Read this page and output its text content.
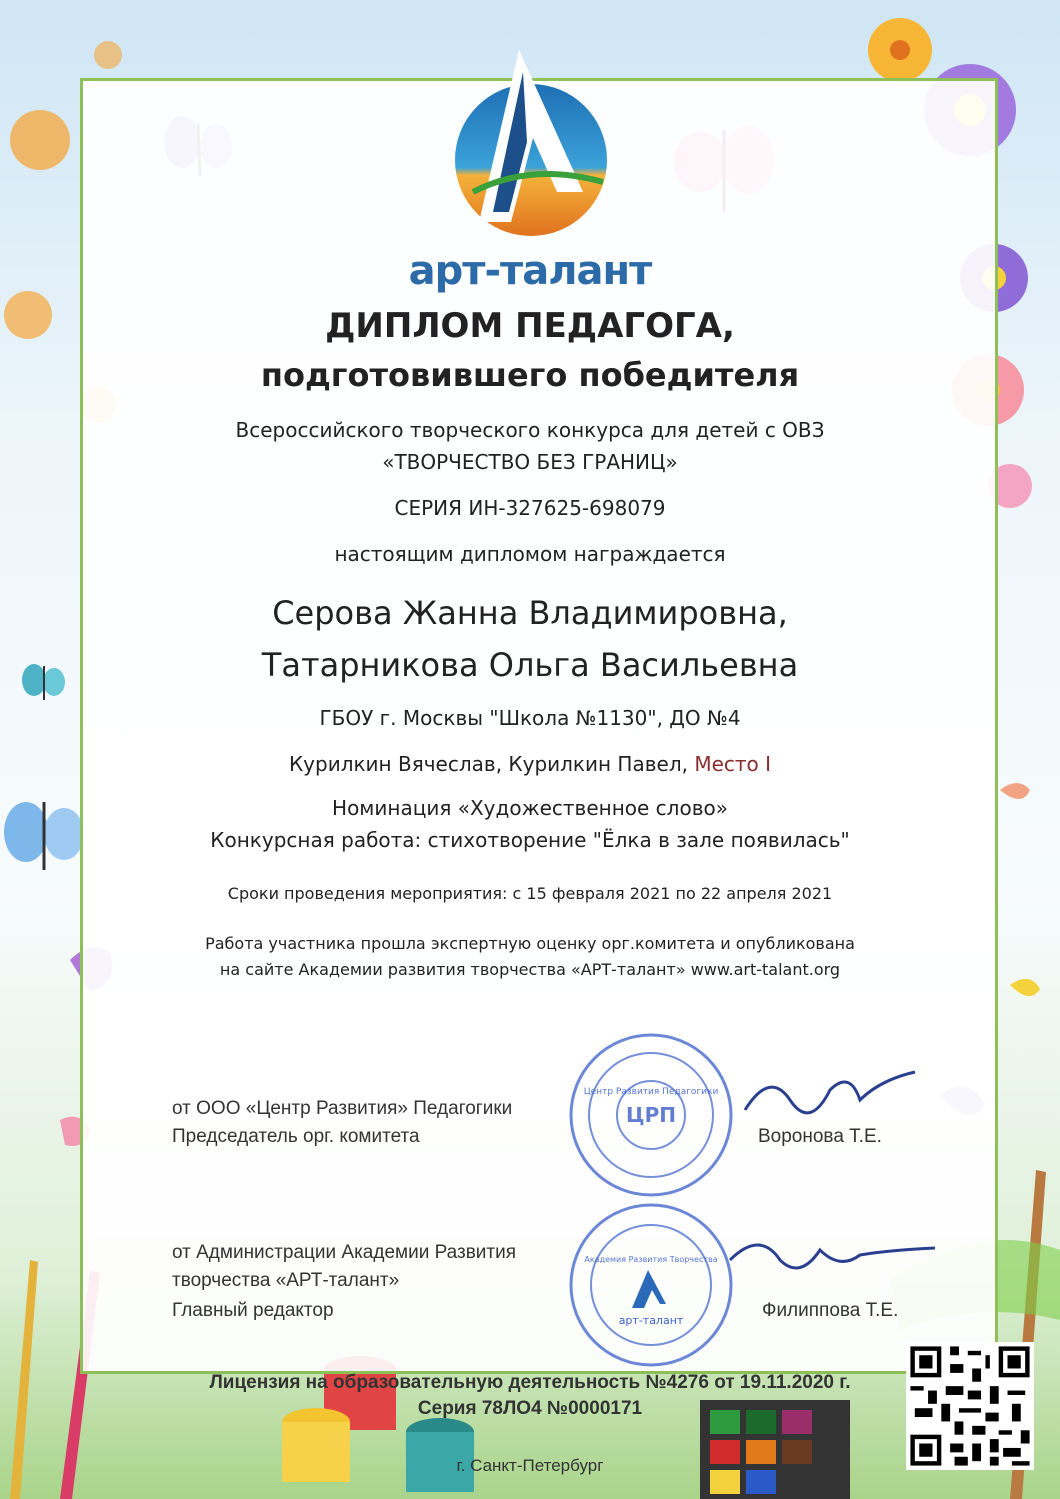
арт-талант
ДИПЛОМ ПЕДАГОГА,
подготовившего победителя
Всероссийского творческого конкурса для детей с ОВЗ
«ТВОРЧЕСТВО БЕЗ ГРАНИЦ»
СЕРИЯ ИН-327625-698079
настоящим дипломом награждается
Серова Жанна Владимировна,
Татарникова Ольга Васильевна
ГБОУ г. Москвы "Школа №1130", ДО №4
Курилкин Вячеслав, Курилкин Павел, Место I
Номинация «Художественное слово»
Конкурсная работа: стихотворение "Ёлка в зале появилась"
Сроки проведения мероприятия: с 15 февраля 2021 по 22 апреля 2021
Работа участника прошла экспертную оценку орг.комитета и опубликована
на сайте Академии развития творчества «АРТ-талант» www.art-talant.org
от ООО «Центр Развития» Педагогики
Председатель орг. комитета	Воронова Т.Е.
Центр Развития Педагогики
ЦРП
от Администрации Академии Развития
творчества «АРТ-талант»
Главный редактор	Филиппова Т.Е.
Академия Развития Творчества
арт-талант
Лицензия на образовательную деятельность №4276 от 19.11.2020 г.
Серия 78ЛО4 №0000171
г. Санкт-Петербург
